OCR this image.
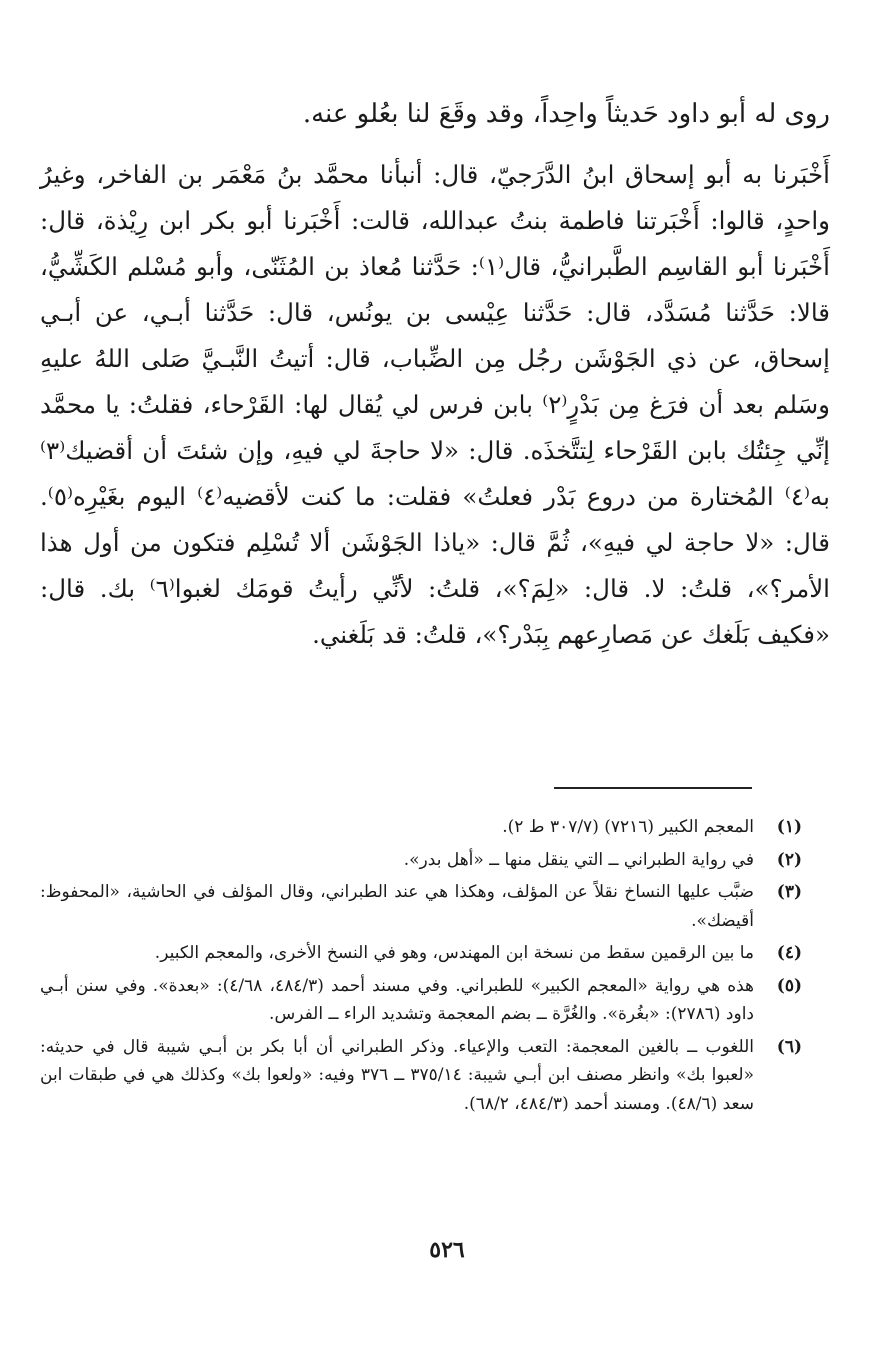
روى له أبو داود حَديثاً واحِداً، وقد وقَعَ لنا بعُلو عنه.
أَخْبَرنا به أبو إسحاق ابنُ الدَّرَجيّ، قال: أنبأنا محمَّد بنُ مَعْمَر بن الفاخر، وغيرُ واحدٍ، قالوا: أَخْبَرتنا فاطمة بنتُ عبدالله، قالت: أَخْبَرنا أبو بكر ابن رِيْذة، قال: أَخْبَرنا أبو القاسِم الطَّبرانيُّ، قال⁽١⁾: حَدَّثنا مُعاذ بن المُثَنّى، وأبو مُسْلم الكَشِّيُّ، قالا: حَدَّثنا مُسَدَّد، قال: حَدَّثنا عِيْسى بن يونُس، قال: حَدَّثنا أبـي، عن أبـي إسحاق، عن ذي الجَوْشَن رجُل مِن الضِّباب، قال: أتيتُ النَّبـيَّ صَلى اللهُ عليهِ وسَلم بعد أن فرَغ مِن بَدْرٍ⁽٢⁾ بابن فرس لي يُقال لها: القَرْحاء، فقلتُ: يا محمَّد إنِّي جِئتُك بابن القَرْحاء لِتتَّخذَه. قال: «لا حاجةَ لي فيهِ، وإن شئتَ أن أقضيك⁽٣⁾ به⁽٤⁾ المُختارة من دروع بَدْر فعلتُ» فقلت: ما كنت لأقضيه⁽٤⁾ اليوم بغَيْرِه⁽٥⁾. قال: «لا حاجة لي فيهِ»، ثُمَّ قال: «ياذا الجَوْشَن ألا تُسْلِم فتكون من أول هذا الأمر؟»، قلتُ: لا. قال: «لِمَ؟»، قلتُ: لأنِّي رأيتُ قومَك لغبوا⁽٦⁾ بك. قال: «فكيف بَلَغك عن مَصارِعهم بِبَدْر؟»، قلتُ: قد بَلَغني.
(١)
المعجم الكبير (٧٢١٦) (٣٠٧/٧ ط ٢).
(٢)
في رواية الطبراني ــ التي ينقل منها ــ «أهل بدر».
(٣)
ضبَّب عليها النساخ نقلاً عن المؤلف، وهكذا هي عند الطبراني، وقال المؤلف في الحاشية، «المحفوظ: أقيضك».
(٤)
ما بين الرقمين سقط من نسخة ابن المهندس، وهو في النسخ الأخرى، والمعجم الكبير.
(٥)
هذه هي رواية «المعجم الكبير» للطبراني. وفي مسند أحمد (٤٨٤/٣، ٤/٦٨): «بعدة». وفي سنن أبـي داود (٢٧٨٦): «بغُرة». والغُرَّة ــ بضم المعجمة وتشديد الراء ــ الفرس.
(٦)
اللغوب ــ بالغين المعجمة: التعب والإعياء. وذكر الطبراني أن أبا بكر بن أبـي شيبة قال في حديثه: «لعبوا بك» وانظر مصنف ابن أبـي شيبة: ٣٧٥/١٤ ــ ٣٧٦ وفيه: «ولعوا بك» وكذلك هي في طبقات ابن سعد (٤٨/٦). ومسند أحمد (٤٨٤/٣، ٦٨/٢).
٥٢٦
